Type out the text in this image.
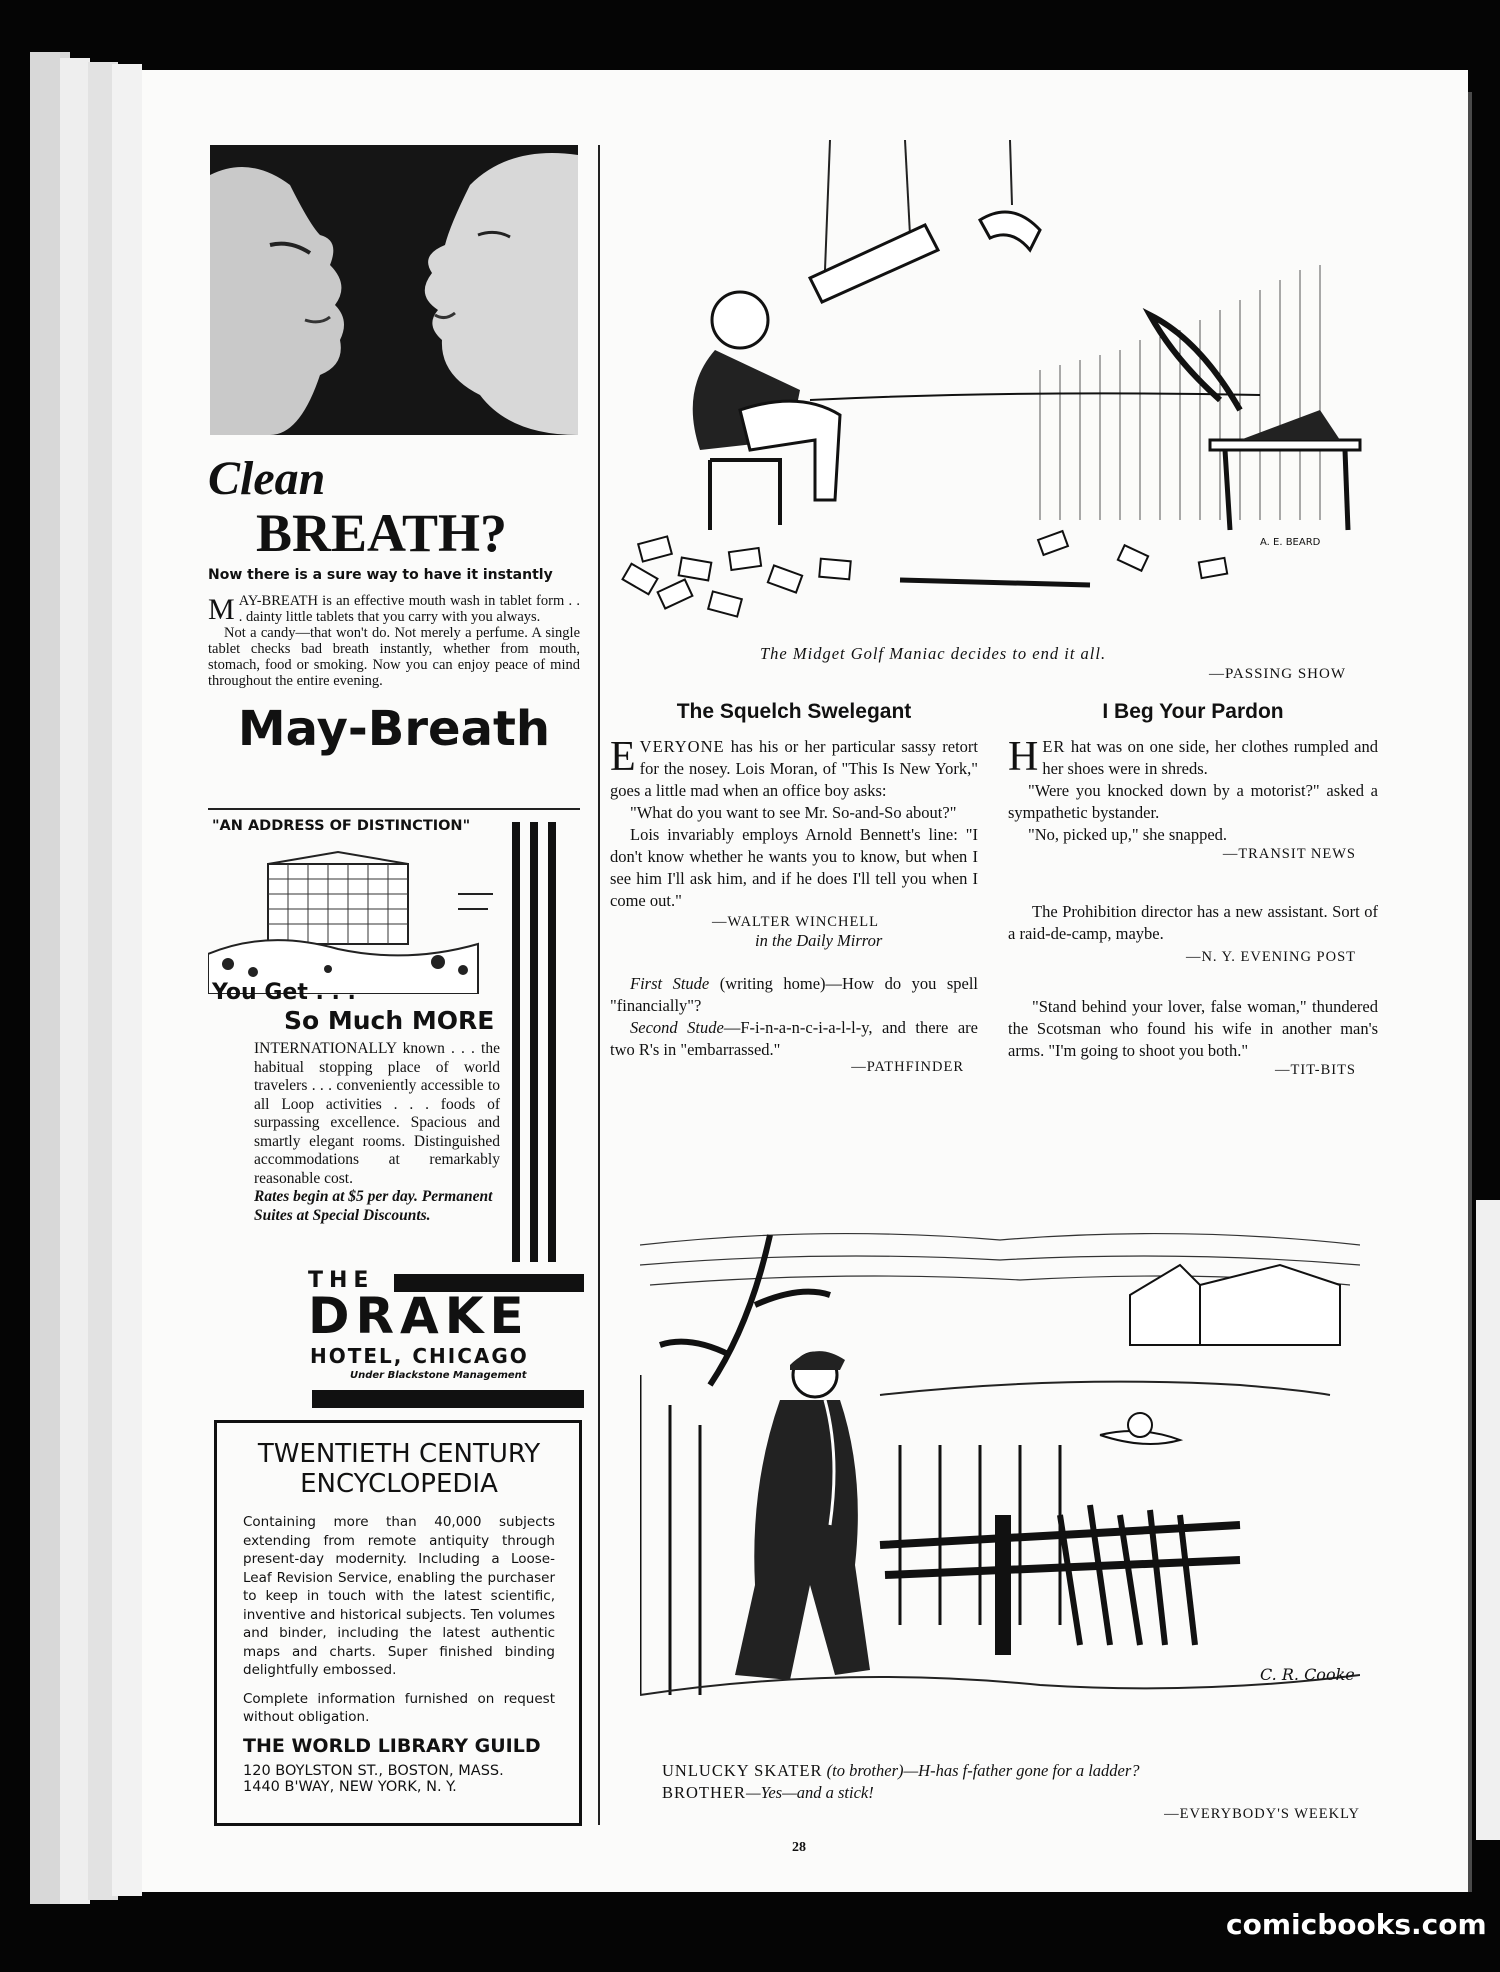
Clean
BREATH?
Now there is a sure way to have it instantly
M AY-BREATH is an effective mouth wash in tablet form . . . dainty little tablets that you carry with you always.

Not a candy—that won't do. Not merely a perfume. A single tablet checks bad breath instantly, whether from mouth, stomach, food or smoking. Now you can enjoy peace of mind throughout the entire evening.

May-Breath
"AN ADDRESS OF DISTINCTION"
You Get . . .
So Much MORE

INTERNATIONALLY known . . . the habitual stopping place of world travelers . . . conveniently accessible to all Loop activities . . . foods of surpassing excellence. Spacious and smartly elegant rooms. Distinguished accommodations at remarkably reasonable cost.

Rates begin at $5 per day. Permanent Suites at Special Discounts.

THE
DRAKE
HOTEL, CHICAGO
Under Blackstone Management
TWENTIETH CENTURY
ENCYCLOPEDIA

Containing more than 40,000 subjects extending from remote antiquity through present-day modernity. Including a Loose-Leaf Revision Service, enabling the purchaser to keep in touch with the latest scientific, inventive and historical subjects. Ten volumes and binder, including the latest authentic maps and charts. Super finished binding delightfully embossed.

Complete information furnished on request without obligation.

THE WORLD LIBRARY GUILD
120 BOYLSTON ST., BOSTON, MASS.
1440 B'WAY, NEW YORK, N. Y.
A. E. BEARD
The Midget Golf Maniac decides to end it all.
—PASSING SHOW
The Squelch Swelegant
EVERYONE has his or her particular sassy retort for the nosey. Lois Moran, of "This Is New York," goes a little mad when an office boy asks:

"What do you want to see Mr. So-and-So about?"

Lois invariably employs Arnold Bennett's line: "I don't know whether he wants you to know, but when I see him I'll ask him, and if he does I'll tell you when I come out."

—WALTER WINCHELL
in the Daily Mirror

First Stude (writing home)—How do you spell "financially"?

Second Stude—F-i-n-a-n-c-i-a-l-l-y, and there are two R's in "embarrassed."

—PATHFINDER
I Beg Your Pardon
HER hat was on one side, her clothes rumpled and her shoes were in shreds.

"Were you knocked down by a motorist?" asked a sympathetic bystander.

"No, picked up," she snapped.

—TRANSIT NEWS

The Prohibition director has a new assistant. Sort of a raid-de-camp, maybe.

—N. Y. EVENING POST

"Stand behind your lover, false woman," thundered the Scotsman who found his wife in another man's arms. "I'm going to shoot you both."

—TIT-BITS
C. R. Cooke

UNLUCKY SKATER (to brother)—H-has f-father gone for a ladder?

BROTHER—Yes—and a stick!

—EVERYBODY'S WEEKLY
28
comicbooks.com
